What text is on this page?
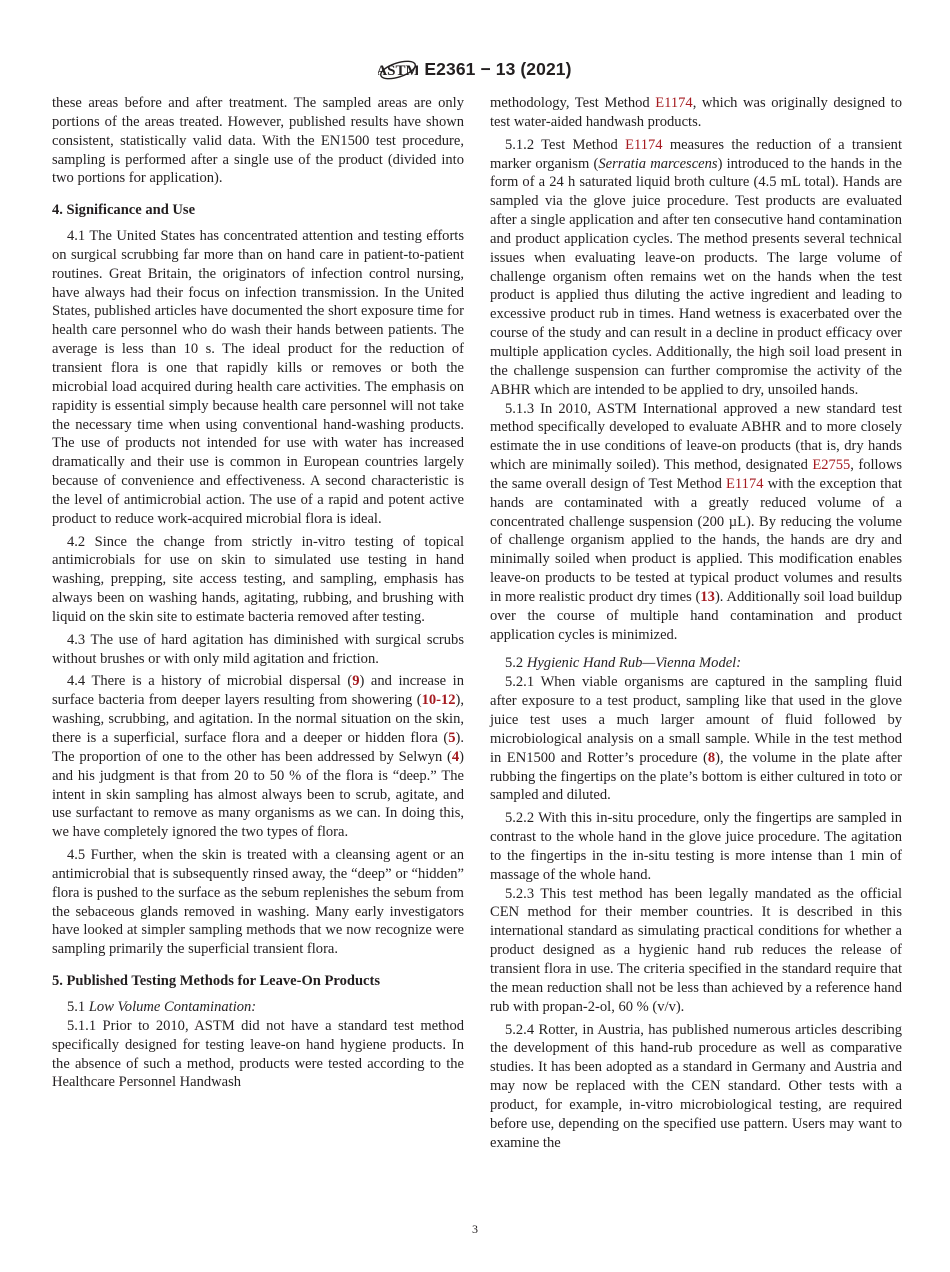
ASTM E2361 − 13 (2021)

these areas before and after treatment. The sampled areas are only portions of the areas treated. However, published results have shown consistent, statistically valid data. With the EN1500 test procedure, sampling is performed after a single use of the product (divided into two portions for application).

4. Significance and Use

4.1 The United States has concentrated attention and testing efforts on surgical scrubbing far more than on hand care in patient-to-patient routines. Great Britain, the originators of infection control nursing, have always had their focus on infection transmission. In the United States, published articles have documented the short exposure time for health care personnel who do wash their hands between patients. The average is less than 10 s. The ideal product for the reduction of transient flora is one that rapidly kills or removes or both the microbial load acquired during health care activities. The emphasis on rapidity is essential simply because health care personnel will not take the necessary time when using conventional hand-washing products. The use of products not intended for use with water has increased dramatically and their use is common in European countries largely because of convenience and effectiveness. A second characteristic is the level of antimicrobial action. The use of a rapid and potent active product to reduce work-acquired microbial flora is ideal.

4.2 Since the change from strictly in-vitro testing of topical antimicrobials for use on skin to simulated use testing in hand washing, prepping, site access testing, and sampling, emphasis has always been on washing hands, agitating, rubbing, and brushing with liquid on the skin site to estimate bacteria removed after testing.

4.3 The use of hard agitation has diminished with surgical scrubs without brushes or with only mild agitation and friction.

4.4 There is a history of microbial dispersal (9) and increase in surface bacteria from deeper layers resulting from showering (10-12), washing, scrubbing, and agitation. In the normal situation on the skin, there is a superficial, surface flora and a deeper or hidden flora (5). The proportion of one to the other has been addressed by Selwyn (4) and his judgment is that from 20 to 50 % of the flora is “deep.” The intent in skin sampling has almost always been to scrub, agitate, and use surfactant to remove as many organisms as we can. In doing this, we have completely ignored the two types of flora.

4.5 Further, when the skin is treated with a cleansing agent or an antimicrobial that is subsequently rinsed away, the “deep” or “hidden” flora is pushed to the surface as the sebum replenishes the sebum from the sebaceous glands removed in washing. Many early investigators have looked at simpler sampling methods that we now recognize were sampling primarily the superficial transient flora.

5. Published Testing Methods for Leave-On Products

5.1 Low Volume Contamination:

5.1.1 Prior to 2010, ASTM did not have a standard test method specifically designed for testing leave-on hand hygiene products. In the absence of such a method, products were tested according to the Healthcare Personnel Handwash

methodology, Test Method E1174, which was originally designed to test water-aided handwash products.

5.1.2 Test Method E1174 measures the reduction of a transient marker organism (Serratia marcescens) introduced to the hands in the form of a 24 h saturated liquid broth culture (4.5 mL total). Hands are sampled via the glove juice procedure. Test products are evaluated after a single application and after ten consecutive hand contamination and product application cycles. The method presents several technical issues when evaluating leave-on products. The large volume of challenge organism often remains wet on the hands when the test product is applied thus diluting the active ingredient and leading to excessive product rub in times. Hand wetness is exacerbated over the course of the study and can result in a decline in product efficacy over multiple application cycles. Additionally, the high soil load present in the challenge suspension can further compromise the activity of the ABHR which are intended to be applied to dry, unsoiled hands.

5.1.3 In 2010, ASTM International approved a new standard test method specifically developed to evaluate ABHR and to more closely estimate the in use conditions of leave-on products (that is, dry hands which are minimally soiled). This method, designated E2755, follows the same overall design of Test Method E1174 with the exception that hands are contaminated with a greatly reduced volume of a concentrated challenge suspension (200 µL). By reducing the volume of challenge organism applied to the hands, the hands are dry and minimally soiled when product is applied. This modification enables leave-on products to be tested at typical product volumes and results in more realistic product dry times (13). Additionally soil load buildup over the course of multiple hand contamination and product application cycles is minimized.

5.2 Hygienic Hand Rub—Vienna Model:

5.2.1 When viable organisms are captured in the sampling fluid after exposure to a test product, sampling like that used in the glove juice test uses a much larger amount of fluid followed by microbiological analysis on a small sample. While in the test method in EN1500 and Rotter’s procedure (8), the volume in the plate after rubbing the fingertips on the plate’s bottom is either cultured in toto or sampled and diluted.

5.2.2 With this in-situ procedure, only the fingertips are sampled in contrast to the whole hand in the glove juice procedure. The agitation to the fingertips in the in-situ testing is more intense than 1 min of massage of the whole hand.

5.2.3 This test method has been legally mandated as the official CEN method for their member countries. It is described in this international standard as simulating practical conditions for whether a product designed as a hygienic hand rub reduces the release of transient flora in use. The criteria specified in the standard require that the mean reduction shall not be less than achieved by a reference hand rub with propan-2-ol, 60 % (v/v).

5.2.4 Rotter, in Austria, has published numerous articles describing the development of this hand-rub procedure as well as comparative studies. It has been adopted as a standard in Germany and Austria and may now be replaced with the CEN standard. Other tests with a product, for example, in-vitro microbiological testing, are required before use, depending on the specified use pattern. Users may want to examine the

3
